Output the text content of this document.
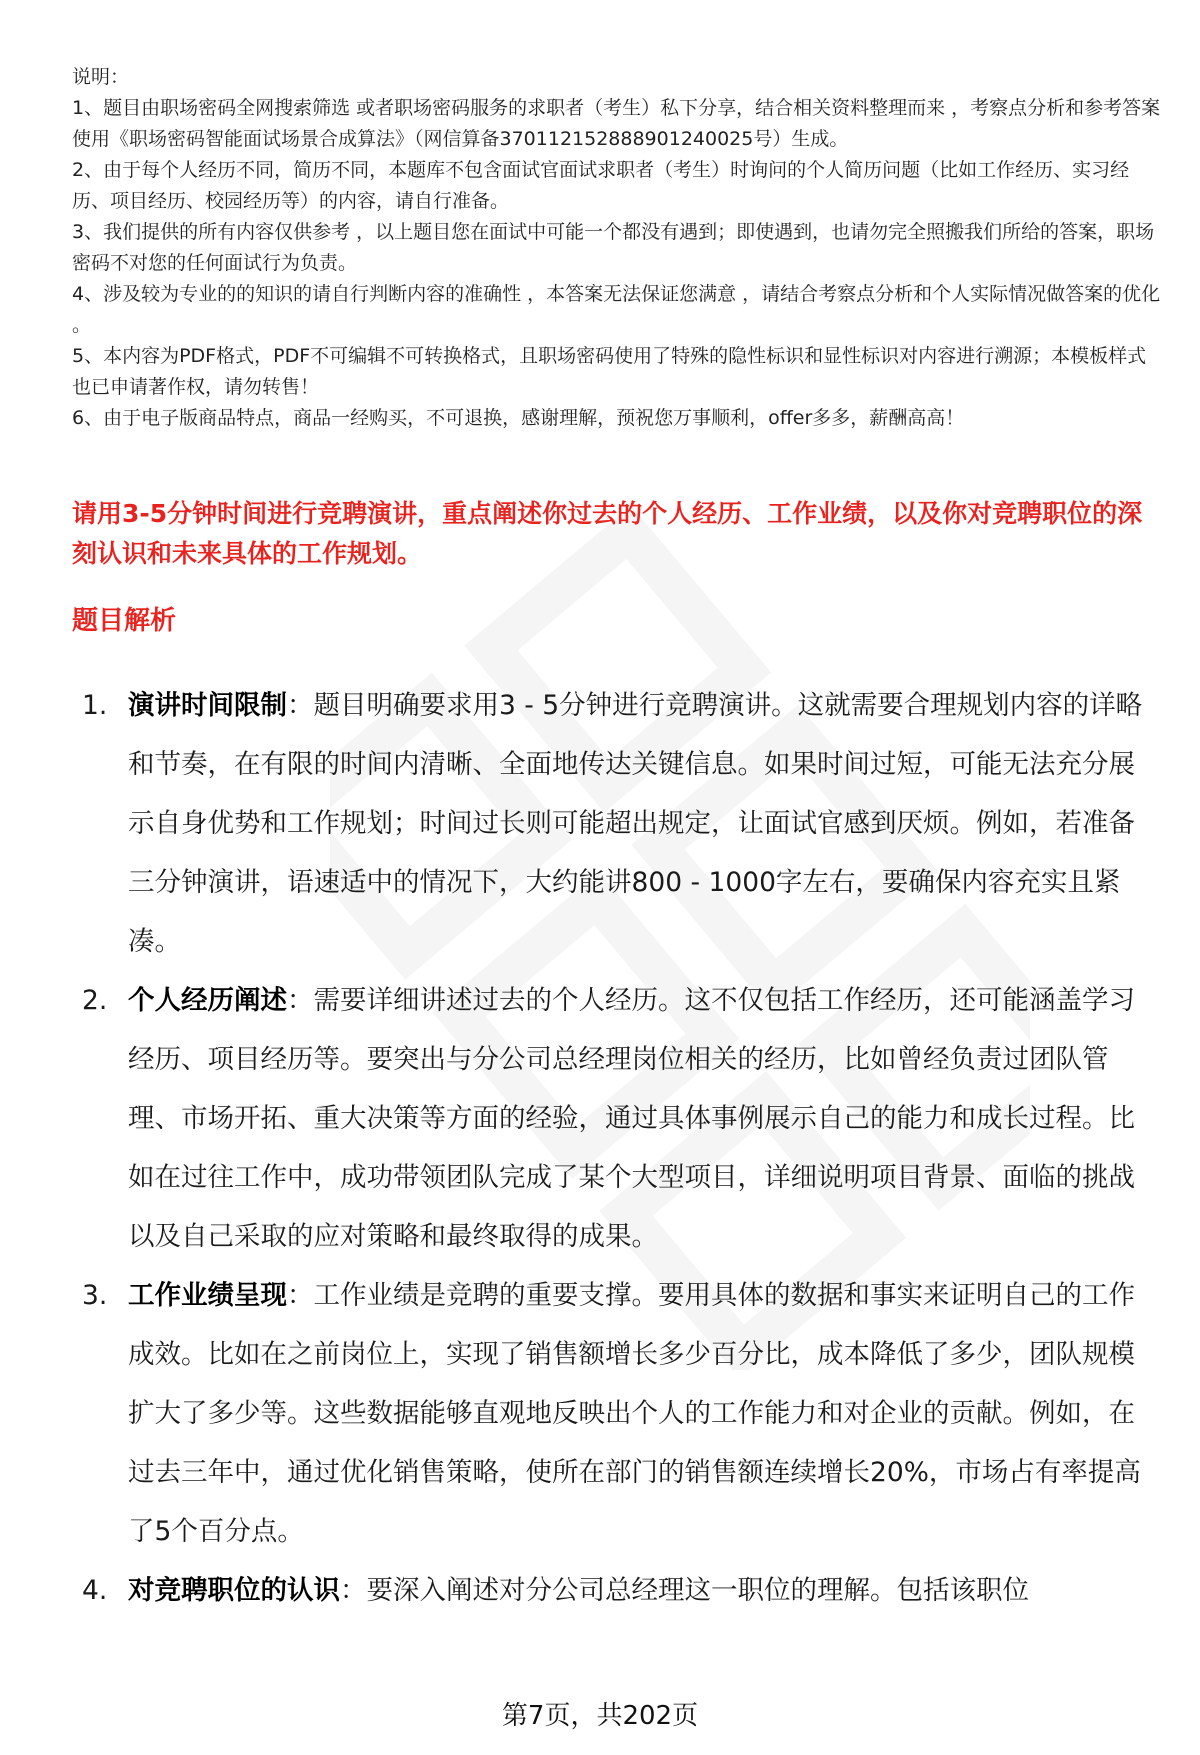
说明：

1、题目由职场密码全网搜索筛选 或者职场密码服务的求职者（考生）私下分享，结合相关资料整理而来 ，考察点分析和参考答案使用《职场密码智能面试场景合成算法》（网信算备370112152888901240025号）生成。

2、由于每个人经历不同，简历不同，本题库不包含面试官面试求职者（考生）时询问的个人简历问题（比如工作经历、实习经历、项目经历、校园经历等）的内容，请自行准备。

3、我们提供的所有内容仅供参考 ，以上题目您在面试中可能一个都没有遇到；即使遇到，也请勿完全照搬我们所给的答案，职场密码不对您的任何面试行为负责。

4、涉及较为专业的的知识的请自行判断内容的准确性 ，本答案无法保证您满意 ，请结合考察点分析和个人实际情况做答案的优化 。

5、本内容为PDF格式，PDF不可编辑不可转换格式，且职场密码使用了特殊的隐性标识和显性标识对内容进行溯源；本模板样式也已申请著作权，请勿转售！

6、由于电子版商品特点，商品一经购买，不可退换，感谢理解，预祝您万事顺利，offer多多，薪酬高高！

请用3-5分钟时间进行竞聘演讲，重点阐述你过去的个人经历、工作业绩，以及你对竞聘职位的深刻认识和未来具体的工作规划。
题目解析
1. 演讲时间限制：题目明确要求用3 - 5分钟进行竞聘演讲。这就需要合理规划内容的详略和节奏，在有限的时间内清晰、全面地传达关键信息。如果时间过短，可能无法充分展示自身优势和工作规划；时间过长则可能超出规定，让面试官感到厌烦。例如，若准备三分钟演讲，语速适中的情况下，大约能讲800 - 1000字左右，要确保内容充实且紧凑。
2. 个人经历阐述：需要详细讲述过去的个人经历。这不仅包括工作经历，还可能涵盖学习经历、项目经历等。要突出与分公司总经理岗位相关的经历，比如曾经负责过团队管理、市场开拓、重大决策等方面的经验，通过具体事例展示自己的能力和成长过程。比如在过往工作中，成功带领团队完成了某个大型项目，详细说明项目背景、面临的挑战以及自己采取的应对策略和最终取得的成果。
3. 工作业绩呈现：工作业绩是竞聘的重要支撑。要用具体的数据和事实来证明自己的工作成效。比如在之前岗位上，实现了销售额增长多少百分比，成本降低了多少，团队规模扩大了多少等。这些数据能够直观地反映出个人的工作能力和对企业的贡献。例如，在过去三年中，通过优化销售策略，使所在部门的销售额连续增长20%，市场占有率提高了5个百分点。
4. 对竞聘职位的认识：要深入阐述对分公司总经理这一职位的理解。包括该职位
第7页，共202页
